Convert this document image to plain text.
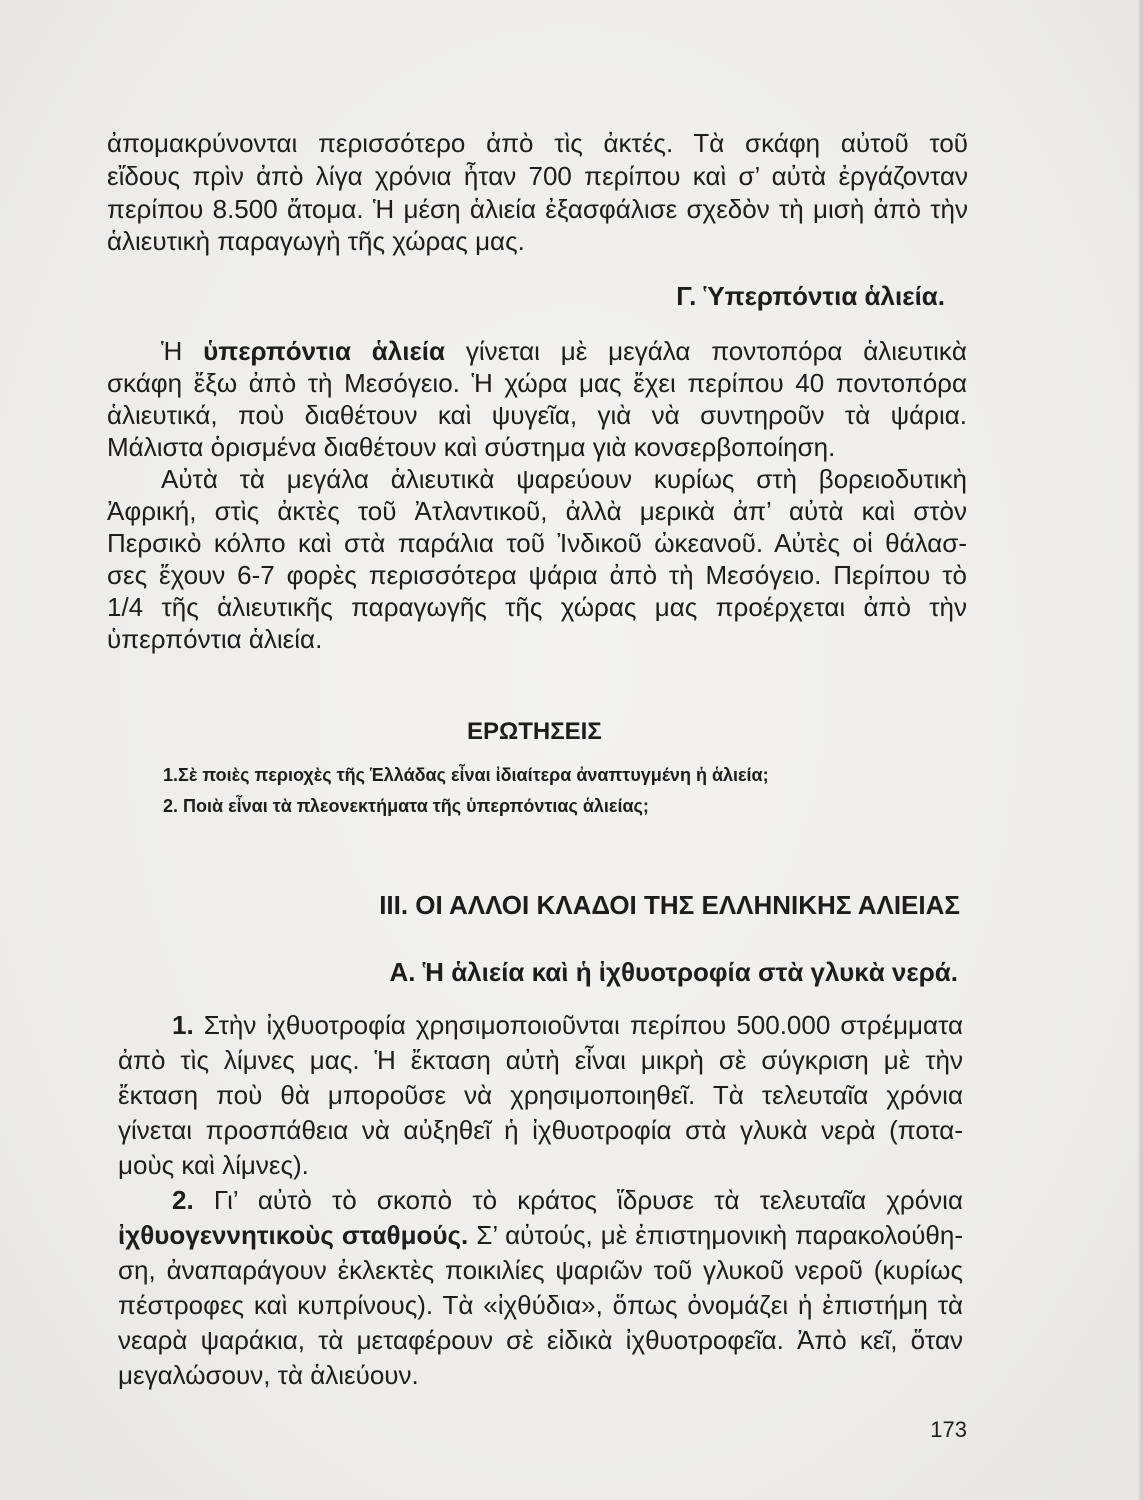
ἀπομακρύνονται περισσότερο ἀπὸ τὶς ἀκτές. Τὰ σκάφη αὐτοῦ τοῦ
εἴδους πρὶν ἀπὸ λίγα χρόνια ἦταν 700 περίπου καὶ σ’ αὐτὰ ἐργάζονταν
περίπου 8.500 ἄτομα. Ἡ μέση ἁλιεία ἐξασφάλισε σχεδὸν τὴ μισὴ ἀπὸ τὴν
ἁλιευτικὴ παραγωγὴ τῆς χώρας μας.
Γ. Ὑπερπόντια ἁλιεία.
Ἡ ὑπερπόντια ἁλιεία γίνεται μὲ μεγάλα ποντοπόρα ἁλιευτικὰ
σκάφη ἔξω ἀπὸ τὴ Μεσόγειο. Ἡ χώρα μας ἔχει περίπου 40 ποντοπόρα
ἁλιευτικά, ποὺ διαθέτουν καὶ ψυγεῖα, γιὰ νὰ συντηροῦν τὰ ψάρια.
Μάλιστα ὁρισμένα διαθέτουν καὶ σύστημα γιὰ κονσερβοποίηση.
Αὐτὰ τὰ μεγάλα ἁλιευτικὰ ψαρεύουν κυρίως στὴ βορειοδυτικὴ
Ἀφρική, στὶς ἀκτὲς τοῦ Ἀτλαντικοῦ, ἀλλὰ μερικὰ ἀπ’ αὐτὰ καὶ στὸν
Περσικὸ κόλπο καὶ στὰ παράλια τοῦ Ἰνδικοῦ ὠκεανοῦ. Αὐτὲς οἱ θάλασ-
σες ἔχουν 6-7 φορὲς περισσότερα ψάρια ἀπὸ τὴ Μεσόγειο. Περίπου τὸ
1/4 τῆς ἁλιευτικῆς παραγωγῆς τῆς χώρας μας προέρχεται ἀπὸ τὴν
ὑπερπόντια ἁλιεία.
ΕΡΩΤΗΣΕΙΣ
1.Σὲ ποιὲς περιοχὲς τῆς Ἑλλάδας εἶναι ἰδιαίτερα ἀναπτυγμένη ἡ ἁλιεία;
2. Ποιὰ εἶναι τὰ πλεονεκτήματα τῆς ὑπερπόντιας ἁλιείας;
III. ΟΙ ΑΛΛΟΙ ΚΛΑΔΟΙ ΤΗΣ ΕΛΛΗΝΙΚΗΣ ΑΛΙΕΙΑΣ
Α. Ἡ ἁλιεία καὶ ἡ ἰχθυοτροφία στὰ γλυκὰ νερά.
1. Στὴν ἰχθυοτροφία χρησιμοποιοῦνται περίπου 500.000 στρέμματα
ἀπὸ τὶς λίμνες μας. Ἡ ἔκταση αὐτὴ εἶναι μικρὴ σὲ σύγκριση μὲ τὴν
ἔκταση ποὺ θὰ μποροῦσε νὰ χρησιμοποιηθεῖ. Τὰ τελευταῖα χρόνια
γίνεται προσπάθεια νὰ αὐξηθεῖ ἡ ἰχθυοτροφία στὰ γλυκὰ νερὰ (ποτα-
μοὺς καὶ λίμνες).
2. Γι’ αὐτὸ τὸ σκοπὸ τὸ κράτος ἵδρυσε τὰ τελευταῖα χρόνια
ἰχθυογεννητικοὺς σταθμούς. Σ’ αὐτούς, μὲ ἐπιστημονικὴ παρακολούθη-
ση, ἀναπαράγουν ἐκλεκτὲς ποικιλίες ψαριῶν τοῦ γλυκοῦ νεροῦ (κυρίως
πέστροφες καὶ κυπρίνους). Τὰ «ἰχθύδια», ὅπως ὀνομάζει ἡ ἐπιστήμη τὰ
νεαρὰ ψαράκια, τὰ μεταφέρουν σὲ εἰδικὰ ἰχθυοτροφεῖα. Ἀπὸ κεῖ, ὅταν
μεγαλώσουν, τὰ ἁλιεύουν.
173
